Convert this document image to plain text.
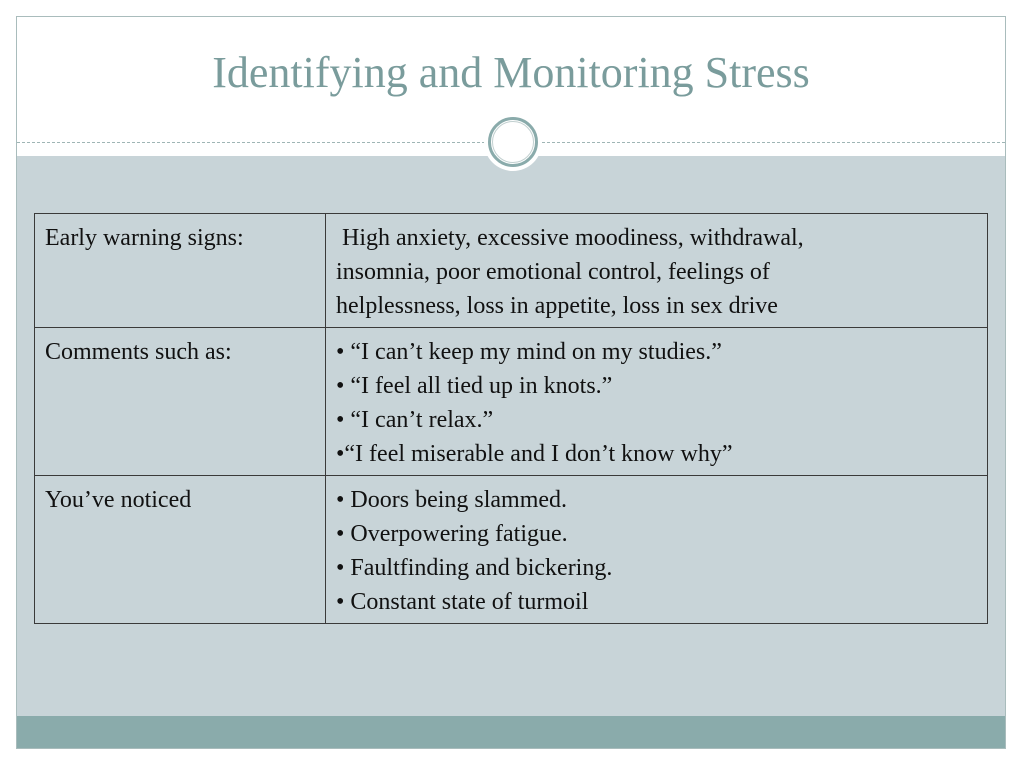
Identifying and Monitoring Stress
Early warning signs:	High anxiety, excessive moodiness, withdrawal,
insomnia, poor emotional control, feelings of
helplessness, loss in appetite, loss in sex drive

Comments such as:	• “I can’t keep my mind on my studies.”
• “I feel all tied up in knots.”
• “I can’t relax.”
•“I feel miserable and I don’t know why”

You’ve noticed	• Doors being slammed.
• Overpowering fatigue.
• Faultfinding and bickering.
• Constant state of turmoil
